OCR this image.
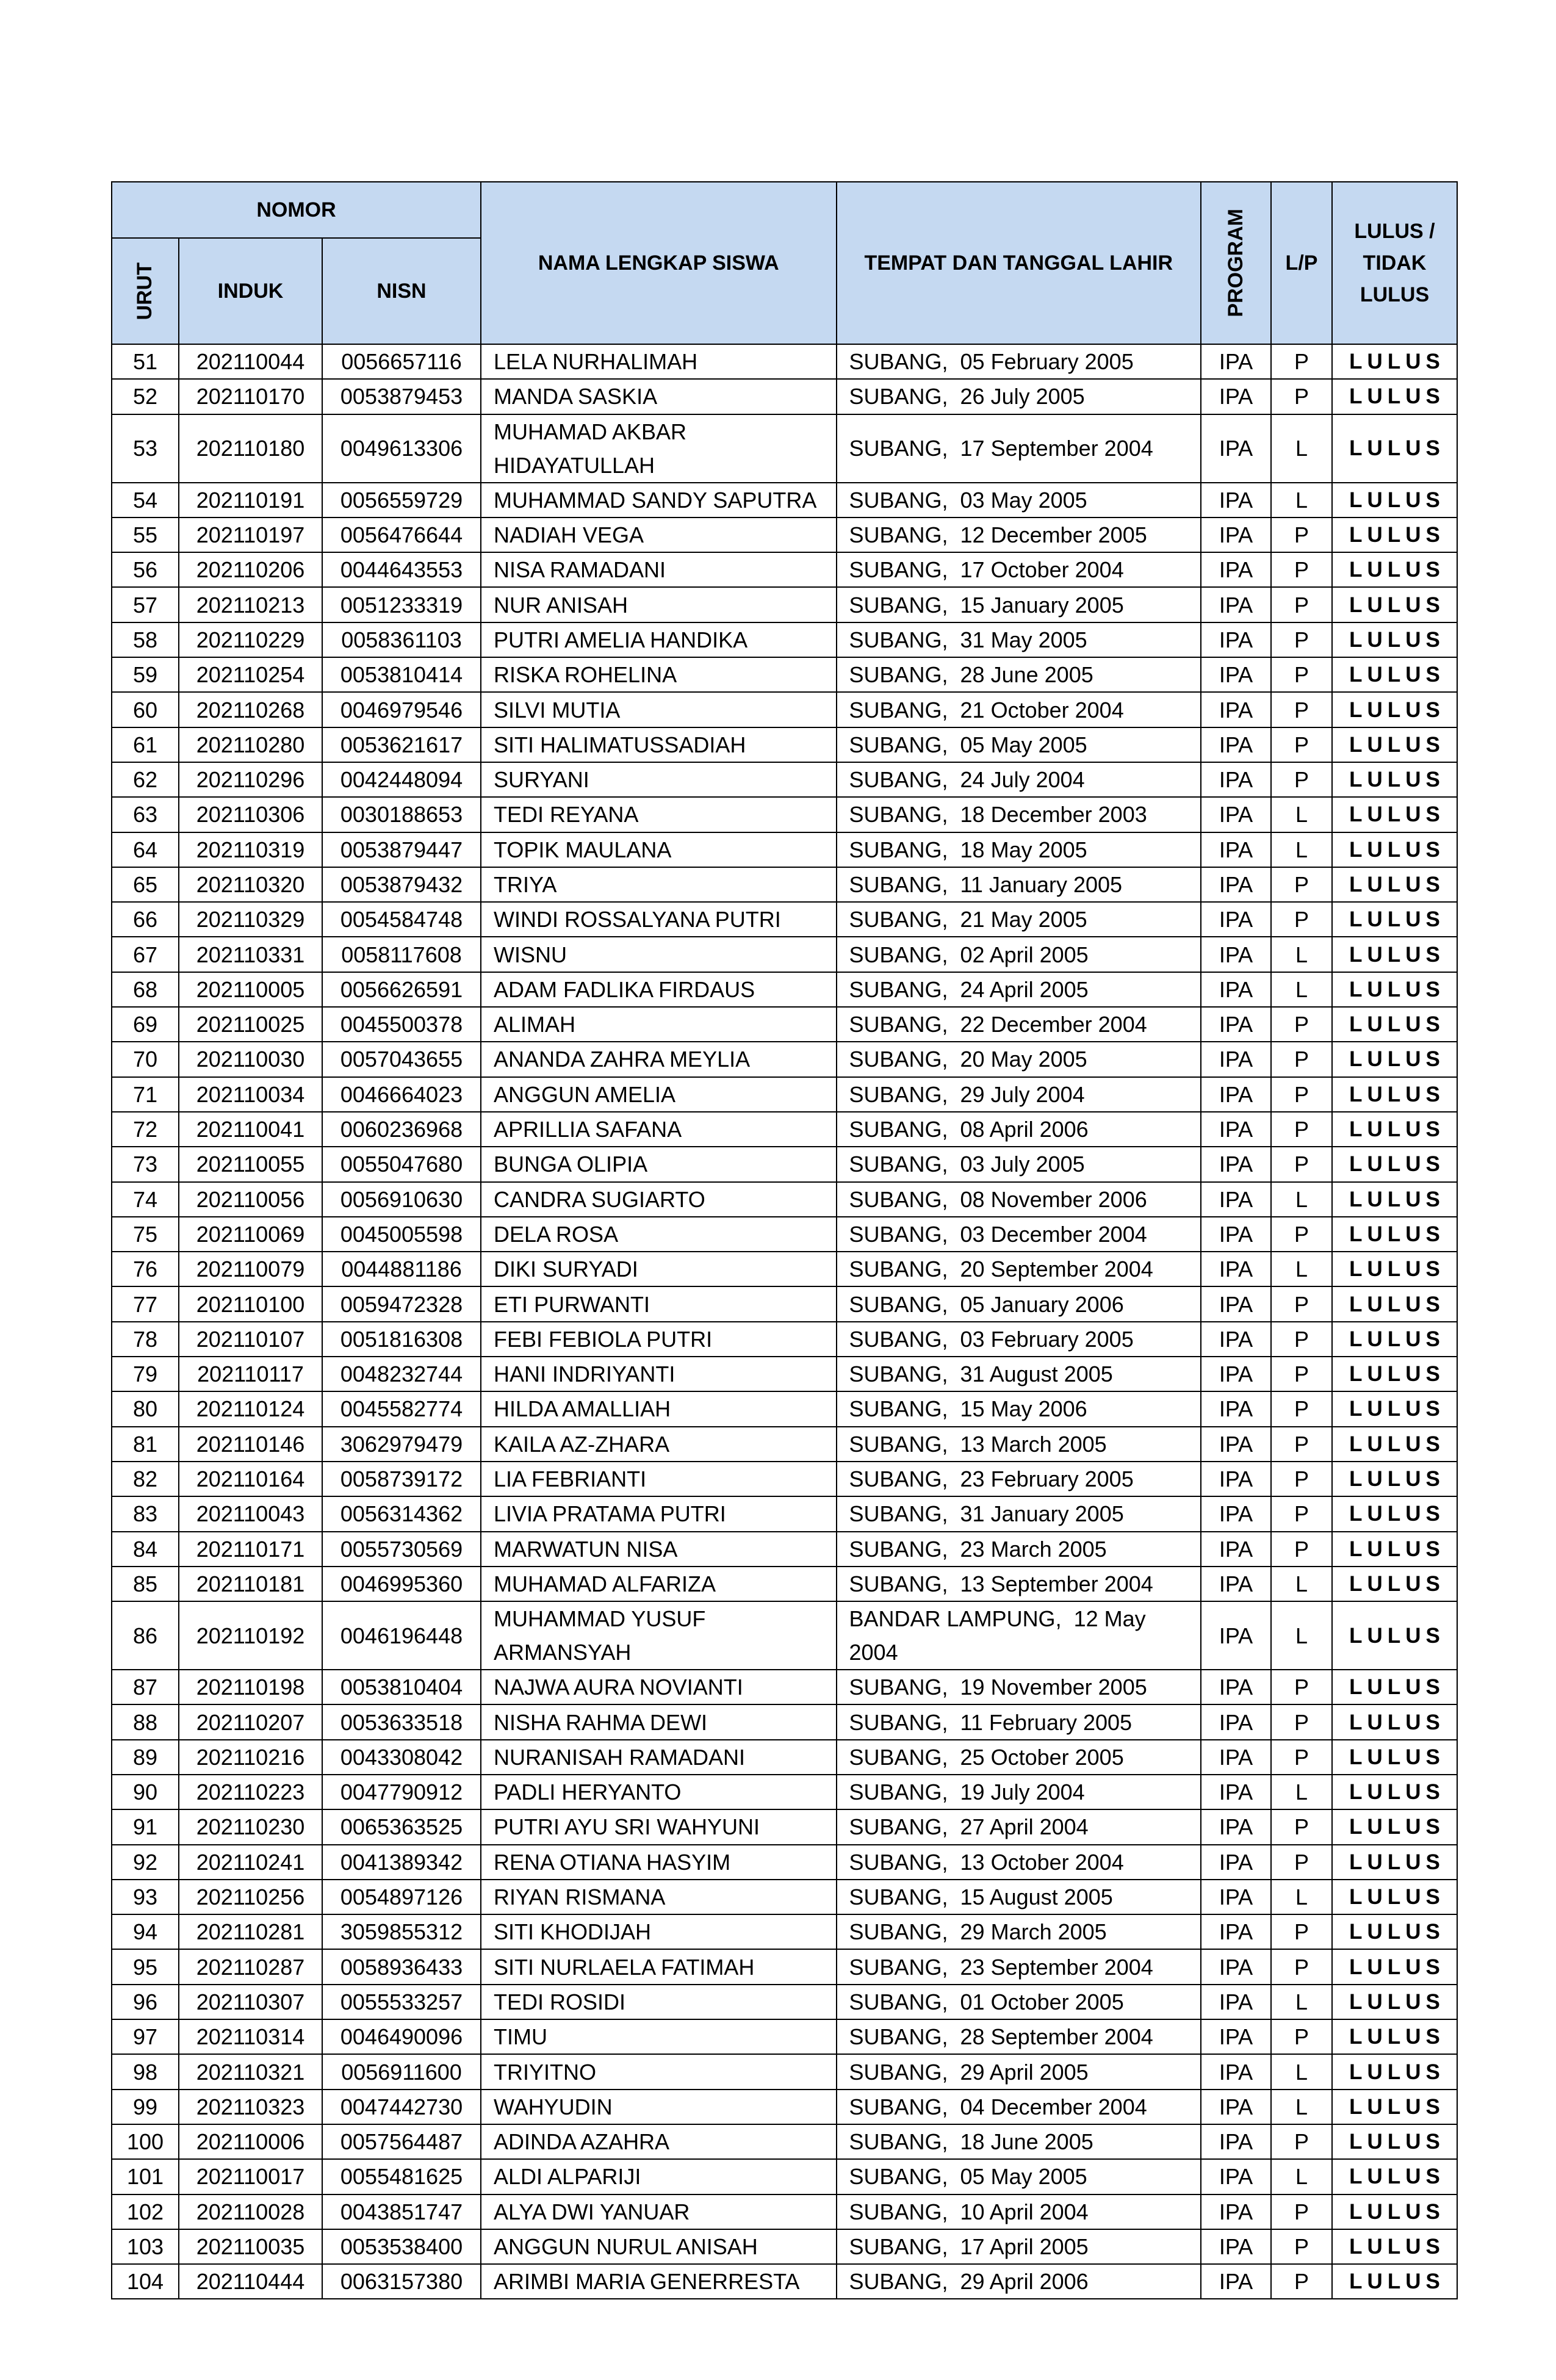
NOMOR			NAMA LENGKAP SISWA	TEMPAT DAN TANGGAL LAHIR	PROGRAM	L/P	LULUS / TIDAK LULUS
URUT	INDUK	NISN					
51	202110044	0056657116	LELA NURHALIMAH	SUBANG,  05 February 2005	IPA	P	LULUS
52	202110170	0053879453	MANDA SASKIA	SUBANG,  26 July 2005	IPA	P	LULUS
53	202110180	0049613306	MUHAMAD AKBAR HIDAYATULLAH	SUBANG,  17 September 2004	IPA	L	LULUS
54	202110191	0056559729	MUHAMMAD SANDY SAPUTRA	SUBANG,  03 May 2005	IPA	L	LULUS
55	202110197	0056476644	NADIAH VEGA	SUBANG,  12 December 2005	IPA	P	LULUS
56	202110206	0044643553	NISA RAMADANI	SUBANG,  17 October 2004	IPA	P	LULUS
57	202110213	0051233319	NUR ANISAH	SUBANG,  15 January 2005	IPA	P	LULUS
58	202110229	0058361103	PUTRI AMELIA HANDIKA	SUBANG,  31 May 2005	IPA	P	LULUS
59	202110254	0053810414	RISKA ROHELINA	SUBANG,  28 June 2005	IPA	P	LULUS
60	202110268	0046979546	SILVI MUTIA	SUBANG,  21 October 2004	IPA	P	LULUS
61	202110280	0053621617	SITI HALIMATUSSADIAH	SUBANG,  05 May 2005	IPA	P	LULUS
62	202110296	0042448094	SURYANI	SUBANG,  24 July 2004	IPA	P	LULUS
63	202110306	0030188653	TEDI REYANA	SUBANG,  18 December 2003	IPA	L	LULUS
64	202110319	0053879447	TOPIK MAULANA	SUBANG,  18 May 2005	IPA	L	LULUS
65	202110320	0053879432	TRIYA	SUBANG,  11 January 2005	IPA	P	LULUS
66	202110329	0054584748	WINDI ROSSALYANA PUTRI	SUBANG,  21 May 2005	IPA	P	LULUS
67	202110331	0058117608	WISNU	SUBANG,  02 April 2005	IPA	L	LULUS
68	202110005	0056626591	ADAM FADLIKA FIRDAUS	SUBANG,  24 April 2005	IPA	L	LULUS
69	202110025	0045500378	ALIMAH	SUBANG,  22 December 2004	IPA	P	LULUS
70	202110030	0057043655	ANANDA ZAHRA MEYLIA	SUBANG,  20 May 2005	IPA	P	LULUS
71	202110034	0046664023	ANGGUN AMELIA	SUBANG,  29 July 2004	IPA	P	LULUS
72	202110041	0060236968	APRILLIA SAFANA	SUBANG,  08 April 2006	IPA	P	LULUS
73	202110055	0055047680	BUNGA OLIPIA	SUBANG,  03 July 2005	IPA	P	LULUS
74	202110056	0056910630	CANDRA SUGIARTO	SUBANG,  08 November 2006	IPA	L	LULUS
75	202110069	0045005598	DELA ROSA	SUBANG,  03 December 2004	IPA	P	LULUS
76	202110079	0044881186	DIKI SURYADI	SUBANG,  20 September 2004	IPA	L	LULUS
77	202110100	0059472328	ETI PURWANTI	SUBANG,  05 January 2006	IPA	P	LULUS
78	202110107	0051816308	FEBI FEBIOLA PUTRI	SUBANG,  03 February 2005	IPA	P	LULUS
79	202110117	0048232744	HANI INDRIYANTI	SUBANG,  31 August 2005	IPA	P	LULUS
80	202110124	0045582774	HILDA AMALLIAH	SUBANG,  15 May 2006	IPA	P	LULUS
81	202110146	3062979479	KAILA AZ-ZHARA	SUBANG,  13 March 2005	IPA	P	LULUS
82	202110164	0058739172	LIA FEBRIANTI	SUBANG,  23 February 2005	IPA	P	LULUS
83	202110043	0056314362	LIVIA PRATAMA PUTRI	SUBANG,  31 January 2005	IPA	P	LULUS
84	202110171	0055730569	MARWATUN NISA	SUBANG,  23 March 2005	IPA	P	LULUS
85	202110181	0046995360	MUHAMAD ALFARIZA	SUBANG,  13 September 2004	IPA	L	LULUS
86	202110192	0046196448	MUHAMMAD YUSUF ARMANSYAH	BANDAR LAMPUNG,  12 May 2004	IPA	L	LULUS
87	202110198	0053810404	NAJWA AURA NOVIANTI	SUBANG,  19 November 2005	IPA	P	LULUS
88	202110207	0053633518	NISHA RAHMA DEWI	SUBANG,  11 February 2005	IPA	P	LULUS
89	202110216	0043308042	NURANISAH RAMADANI	SUBANG,  25 October 2005	IPA	P	LULUS
90	202110223	0047790912	PADLI HERYANTO	SUBANG,  19 July 2004	IPA	L	LULUS
91	202110230	0065363525	PUTRI AYU SRI WAHYUNI	SUBANG,  27 April 2004	IPA	P	LULUS
92	202110241	0041389342	RENA OTIANA HASYIM	SUBANG,  13 October 2004	IPA	P	LULUS
93	202110256	0054897126	RIYAN RISMANA	SUBANG,  15 August 2005	IPA	L	LULUS
94	202110281	3059855312	SITI KHODIJAH	SUBANG,  29 March 2005	IPA	P	LULUS
95	202110287	0058936433	SITI NURLAELA FATIMAH	SUBANG,  23 September 2004	IPA	P	LULUS
96	202110307	0055533257	TEDI ROSIDI	SUBANG,  01 October 2005	IPA	L	LULUS
97	202110314	0046490096	TIMU	SUBANG,  28 September 2004	IPA	P	LULUS
98	202110321	0056911600	TRIYITNO	SUBANG,  29 April 2005	IPA	L	LULUS
99	202110323	0047442730	WAHYUDIN	SUBANG,  04 December 2004	IPA	L	LULUS
100	202110006	0057564487	ADINDA AZAHRA	SUBANG,  18 June 2005	IPA	P	LULUS
101	202110017	0055481625	ALDI ALPARIJI	SUBANG,  05 May 2005	IPA	L	LULUS
102	202110028	0043851747	ALYA DWI YANUAR	SUBANG,  10 April 2004	IPA	P	LULUS
103	202110035	0053538400	ANGGUN NURUL ANISAH	SUBANG,  17 April 2005	IPA	P	LULUS
104	202110444	0063157380	ARIMBI MARIA GENERRESTA	SUBANG,  29 April 2006	IPA	P	LULUS
